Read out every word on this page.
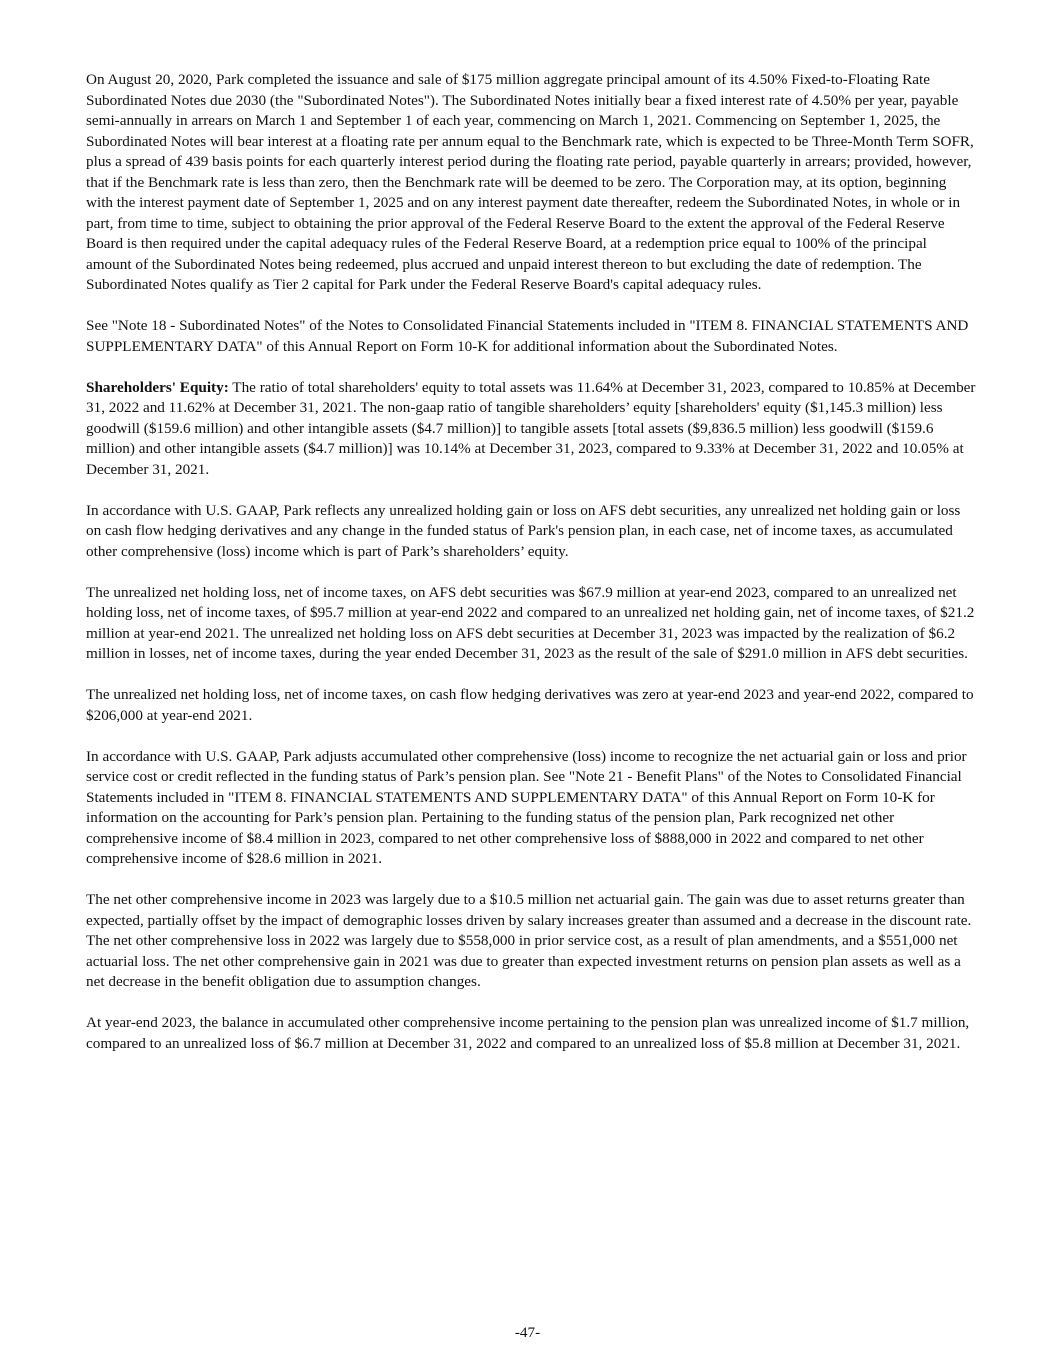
On August 20, 2020, Park completed the issuance and sale of $175 million aggregate principal amount of its 4.50% Fixed-to-Floating Rate Subordinated Notes due 2030 (the "Subordinated Notes"). The Subordinated Notes initially bear a fixed interest rate of 4.50% per year, payable semi-annually in arrears on March 1 and September 1 of each year, commencing on March 1, 2021. Commencing on September 1, 2025, the Subordinated Notes will bear interest at a floating rate per annum equal to the Benchmark rate, which is expected to be Three-Month Term SOFR, plus a spread of 439 basis points for each quarterly interest period during the floating rate period, payable quarterly in arrears; provided, however, that if the Benchmark rate is less than zero, then the Benchmark rate will be deemed to be zero. The Corporation may, at its option, beginning with the interest payment date of September 1, 2025 and on any interest payment date thereafter, redeem the Subordinated Notes, in whole or in part, from time to time, subject to obtaining the prior approval of the Federal Reserve Board to the extent the approval of the Federal Reserve Board is then required under the capital adequacy rules of the Federal Reserve Board, at a redemption price equal to 100% of the principal amount of the Subordinated Notes being redeemed, plus accrued and unpaid interest thereon to but excluding the date of redemption. The Subordinated Notes qualify as Tier 2 capital for Park under the Federal Reserve Board's capital adequacy rules.

See "Note 18 - Subordinated Notes" of the Notes to Consolidated Financial Statements included in "ITEM 8. FINANCIAL STATEMENTS AND SUPPLEMENTARY DATA" of this Annual Report on Form 10-K for additional information about the Subordinated Notes.

Shareholders' Equity: The ratio of total shareholders' equity to total assets was 11.64% at December 31, 2023, compared to 10.85% at December 31, 2022 and 11.62% at December 31, 2021. The non-gaap ratio of tangible shareholders’ equity [shareholders' equity ($1,145.3 million) less goodwill ($159.6 million) and other intangible assets ($4.7 million)] to tangible assets [total assets ($9,836.5 million) less goodwill ($159.6 million) and other intangible assets ($4.7 million)] was 10.14% at December 31, 2023, compared to 9.33% at December 31, 2022 and 10.05% at December 31, 2021.

In accordance with U.S. GAAP, Park reflects any unrealized holding gain or loss on AFS debt securities, any unrealized net holding gain or loss on cash flow hedging derivatives and any change in the funded status of Park's pension plan, in each case, net of income taxes, as accumulated other comprehensive (loss) income which is part of Park’s shareholders’ equity.

The unrealized net holding loss, net of income taxes, on AFS debt securities was $67.9 million at year-end 2023, compared to an unrealized net holding loss, net of income taxes, of $95.7 million at year-end 2022 and compared to an unrealized net holding gain, net of income taxes, of $21.2 million at year-end 2021. The unrealized net holding loss on AFS debt securities at December 31, 2023 was impacted by the realization of $6.2 million in losses, net of income taxes, during the year ended December 31, 2023 as the result of the sale of $291.0 million in AFS debt securities.

The unrealized net holding loss, net of income taxes, on cash flow hedging derivatives was zero at year-end 2023 and year-end 2022, compared to $206,000 at year-end 2021.

In accordance with U.S. GAAP, Park adjusts accumulated other comprehensive (loss) income to recognize the net actuarial gain or loss and prior service cost or credit reflected in the funding status of Park’s pension plan. See "Note 21 - Benefit Plans" of the Notes to Consolidated Financial Statements included in "ITEM 8. FINANCIAL STATEMENTS AND SUPPLEMENTARY DATA" of this Annual Report on Form 10-K for information on the accounting for Park’s pension plan. Pertaining to the funding status of the pension plan, Park recognized net other comprehensive income of $8.4 million in 2023, compared to net other comprehensive loss of $888,000 in 2022 and compared to net other comprehensive income of $28.6 million in 2021.

The net other comprehensive income in 2023 was largely due to a $10.5 million net actuarial gain. The gain was due to asset returns greater than expected, partially offset by the impact of demographic losses driven by salary increases greater than assumed and a decrease in the discount rate. The net other comprehensive loss in 2022 was largely due to $558,000 in prior service cost, as a result of plan amendments, and a $551,000 net actuarial loss. The net other comprehensive gain in 2021 was due to greater than expected investment returns on pension plan assets as well as a net decrease in the benefit obligation due to assumption changes.

At year-end 2023, the balance in accumulated other comprehensive income pertaining to the pension plan was unrealized income of $1.7 million, compared to an unrealized loss of $6.7 million at December 31, 2022 and compared to an unrealized loss of $5.8 million at December 31, 2021.

-47-
